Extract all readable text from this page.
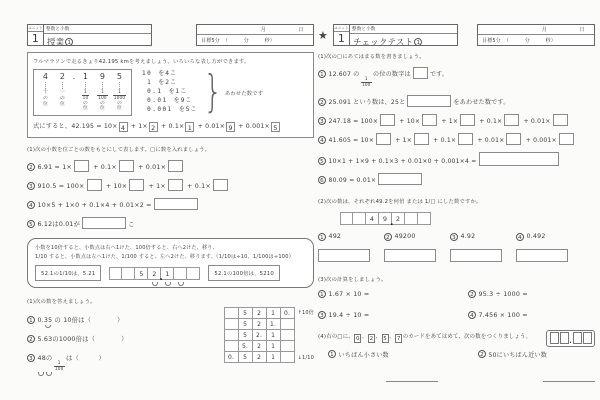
ユニット
1
整数と小数
授業 1
月	日
目標5分 （　　　分　　　秒）
フルマラソンで走るきょり42.195 kmを考えましょう。いろいろな表し方ができます。
4
十
の
位
2
一
の
位
. 1
$\frac{1}{10}$
の
位
9
$\frac{1}{100}$
の
位
5
$\frac{1}{1000}$
の
位
10 を4こ
1 を2こ
0.1 を1こ
0.01 を9こ
0.001 を5こ } あわせた数です
式にすると、42.195 = 10× 4 + 1× 2 + 0.1× 1 + 0.01× 9 + 0.001× 5
(1)次の小数を位ごとの数をもとにして表します。□に数を入れましょう。
2 6.91 = 1×	+ 0.1×	+ 0.01×
3 910.5 = 100×	+ 10×	+ 1×	+ 0.1×
4 10×5 + 1×0 + 0.1×4 + 0.01×2 =
5 6.12は0.01が	こ
小数を10倍すると、小数点は右へ1けた、100倍すると、右へ2けた、移り、
1/10 すると、小数点は左へ1けた、1/100 すると、左へ2けた、移ります。（1/10は÷10、1/100は÷100）
52.1の1/10は、5.21	5	2	1
.	52.1の100倍は、5210
(1)次の数を答えましょう。
1 0.35 の 10倍は（　　　　）
2 5.63の1000倍は（　　　　）
3 48の
$\frac{1}{100}$
は（　　　）
5	2	1	0.
5	2	1.
5	2.	1
5.	2	1
0.	5	2	1
↑10倍
↓1/10
★
ユニット
1
整数と小数
チェックテスト 1
月	日
目標5分 （　　　分　　　秒）
(1)次の□にあてはまる数を書きましょう。
1 12.607 の
$\frac{1}{100}$
の位の数字は	です。
2 25.091 という数は、25と	をあわせた数です。
3 247.18 = 100×	+ 10×	+ 1×	+ 0.1×	+ 0.01×
4 41.605 = 10×	+ 1×	+ 0.1×	+ 0.01×	+ 0.001×
5 10×1 + 1×9 + 0.1×3 + 0.01×0 + 0.001×4 =
6 80.09 = 0.01×
(2)次の数は、それぞれ49.2を何倍 または 1/□ にした数ですか。
4	9	2
.
1 492	2 49200	3 4.92	4 0.492
(3)次の計算をしましょう。
1 1.67 × 10 =	2 95.3 ÷ 1000 =
3 19.4 ÷ 10 =	4 7.456 × 100 =
(4)右の□に、 0 、 2 、 5 、 7 のカードをあてはめて、次の数をつくりましょう。
.
1 いちばん小さい数	2 50にいちばん近い数
